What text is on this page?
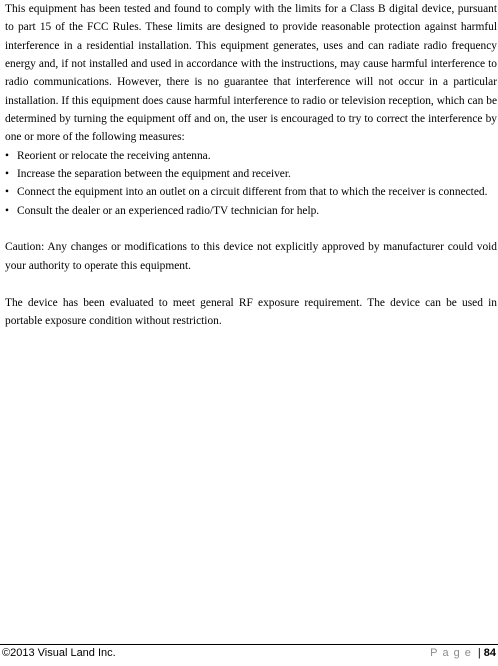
This equipment has been tested and found to comply with the limits for a Class B digital device, pursuant to part 15 of the FCC Rules. These limits are designed to provide reasonable protection against harmful interference in a residential installation. This equipment generates, uses and can radiate radio frequency energy and, if not installed and used in accordance with the instructions, may cause harmful interference to radio communications. However, there is no guarantee that interference will not occur in a particular installation. If this equipment does cause harmful interference to radio or television reception, which can be determined by turning the equipment off and on, the user is encouraged to try to correct the interference by one or more of the following measures:

• Reorient or relocate the receiving antenna.
• Increase the separation between the equipment and receiver.
• Connect the equipment into an outlet on a circuit different from that to which the receiver is connected.
• Consult the dealer or an experienced radio/TV technician for help.

Caution: Any changes or modifications to this device not explicitly approved by manufacturer could void your authority to operate this equipment.

The device has been evaluated to meet general RF exposure requirement. The device can be used in portable exposure condition without restriction.

©2013 Visual Land Inc.	Page | 84
